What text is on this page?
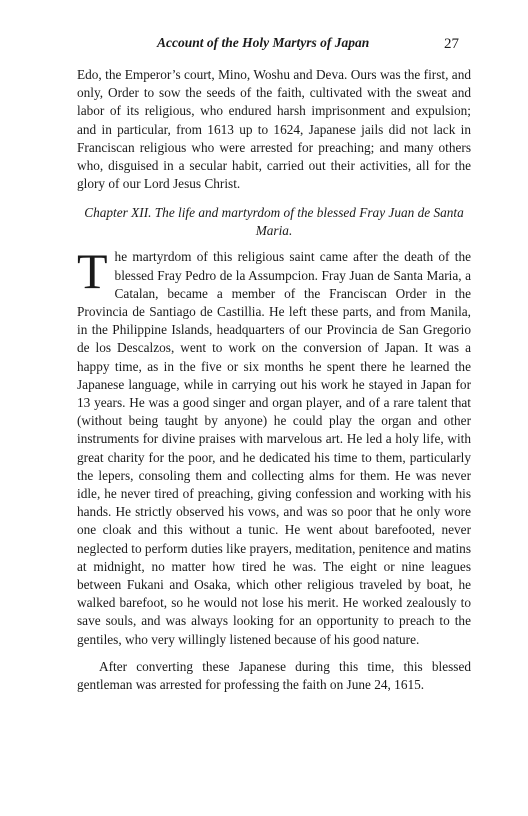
Account of the Holy Martyrs of Japan	27

Edo, the Emperor’s court, Mino, Woshu and Deva. Ours was the first, and only, Order to sow the seeds of the faith, cultivated with the sweat and labor of its religious, who endured harsh imprisonment and expulsion; and in particular, from 1613 up to 1624, Japanese jails did not lack in Franciscan religious who were arrested for preaching; and many others who, disguised in a secular habit, carried out their activities, all for the glory of our Lord Jesus Christ.

Chapter XII. The life and martyrdom of the blessed Fray Juan de Santa Maria.

The martyrdom of this religious saint came after the death of the blessed Fray Pedro de la Assumpcion. Fray Juan de Santa Maria, a Catalan, became a member of the Franciscan Order in the Provincia de Santiago de Castillia. He left these parts, and from Manila, in the Philippine Islands, headquarters of our Provincia de San Gregorio de los Descalzos, went to work on the conversion of Japan. It was a happy time, as in the five or six months he spent there he learned the Japanese language, while in carrying out his work he stayed in Japan for 13 years. He was a good singer and organ player, and of a rare talent that (without being taught by anyone) he could play the organ and other instruments for divine praises with marvelous art. He led a holy life, with great charity for the poor, and he dedicated his time to them, particularly the lepers, consoling them and collecting alms for them. He was never idle, he never tired of preaching, giving confession and working with his hands. He strictly observed his vows, and was so poor that he only wore one cloak and this without a tunic. He went about barefooted, never neglected to perform duties like prayers, meditation, penitence and matins at midnight, no matter how tired he was. The eight or nine leagues between Fukani and Osaka, which other religious traveled by boat, he walked barefoot, so he would not lose his merit. He worked zealously to save souls, and was always looking for an opportunity to preach to the gentiles, who very willingly listened because of his good nature.

After converting these Japanese during this time, this blessed gentleman was arrested for professing the faith on June 24, 1615.
